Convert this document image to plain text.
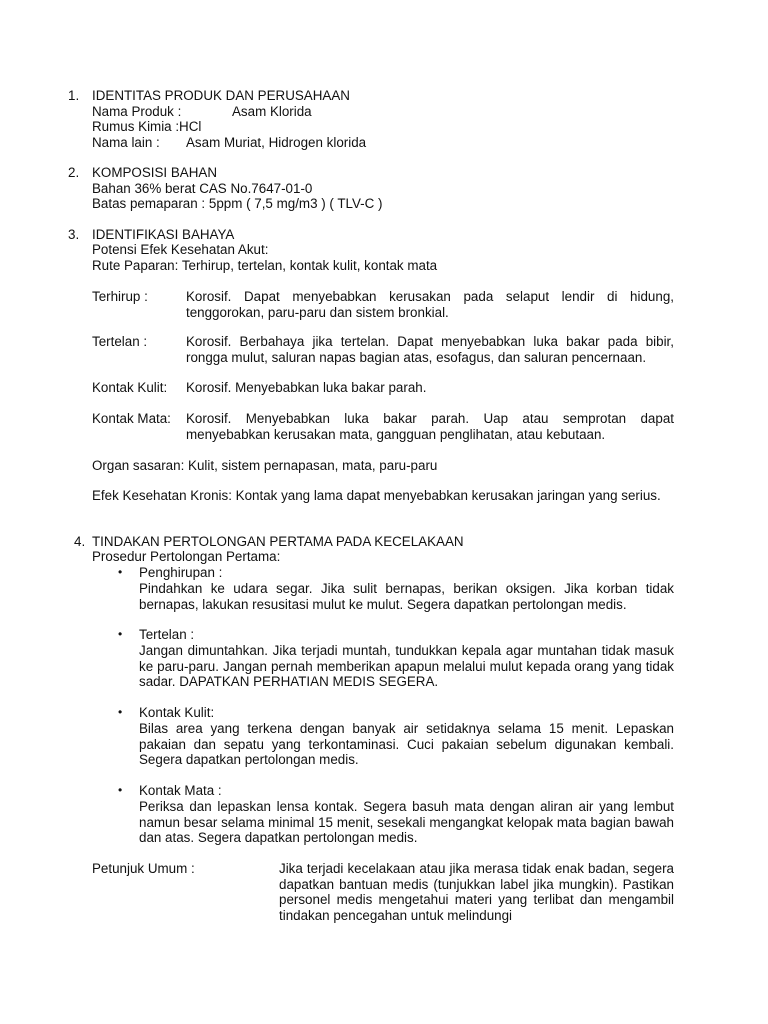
1. IDENTITAS PRODUK DAN PERUSAHAAN
Nama Produk :	Asam Klorida
Rumus Kimia :HCl
Nama lain : Asam Muriat, Hidrogen klorida
2. KOMPOSISI BAHAN
Bahan 36% berat CAS No.7647-01-0
Batas pemaparan : 5ppm ( 7,5 mg/m3 ) ( TLV-C )
3. IDENTIFIKASI BAHAYA
Potensi Efek Kesehatan Akut:
Rute Paparan: Terhirup, tertelan, kontak kulit, kontak mata
Terhirup :	Korosif. Dapat menyebabkan kerusakan pada selaput lendir di hidung, tenggorokan, paru-paru dan sistem bronkial.
Tertelan :	Korosif. Berbahaya jika tertelan. Dapat menyebabkan luka bakar pada bibir, rongga mulut, saluran napas bagian atas, esofagus, dan saluran pencernaan.
Kontak Kulit: Korosif. Menyebabkan luka bakar parah.
Kontak Mata: Korosif. Menyebabkan luka bakar parah. Uap atau semprotan dapat menyebabkan kerusakan mata, gangguan penglihatan, atau kebutaan.
Organ sasaran: Kulit, sistem pernapasan, mata, paru-paru
Efek Kesehatan Kronis: Kontak yang lama dapat menyebabkan kerusakan jaringan yang serius.
4. TINDAKAN PERTOLONGAN PERTAMA PADA KECELAKAAN
Prosedur Pertolongan Pertama:
• Penghirupan :
Pindahkan ke udara segar. Jika sulit bernapas, berikan oksigen. Jika korban tidak bernapas, lakukan resusitasi mulut ke mulut. Segera dapatkan pertolongan medis.
• Tertelan :
Jangan dimuntahkan. Jika terjadi muntah, tundukkan kepala agar muntahan tidak masuk ke paru-paru. Jangan pernah memberikan apapun melalui mulut kepada orang yang tidak sadar. DAPATKAN PERHATIAN MEDIS SEGERA.
• Kontak Kulit:
Bilas area yang terkena dengan banyak air setidaknya selama 15 menit. Lepaskan pakaian dan sepatu yang terkontaminasi. Cuci pakaian sebelum digunakan kembali. Segera dapatkan pertolongan medis.
• Kontak Mata :
Periksa dan lepaskan lensa kontak. Segera basuh mata dengan aliran air yang lembut namun besar selama minimal 15 menit, sesekali mengangkat kelopak mata bagian bawah dan atas. Segera dapatkan pertolongan medis.
Petunjuk Umum :	Jika terjadi kecelakaan atau jika merasa tidak enak badan, segera dapatkan bantuan medis (tunjukkan label jika mungkin). Pastikan personel medis mengetahui materi yang terlibat dan mengambil tindakan pencegahan untuk melindungi
